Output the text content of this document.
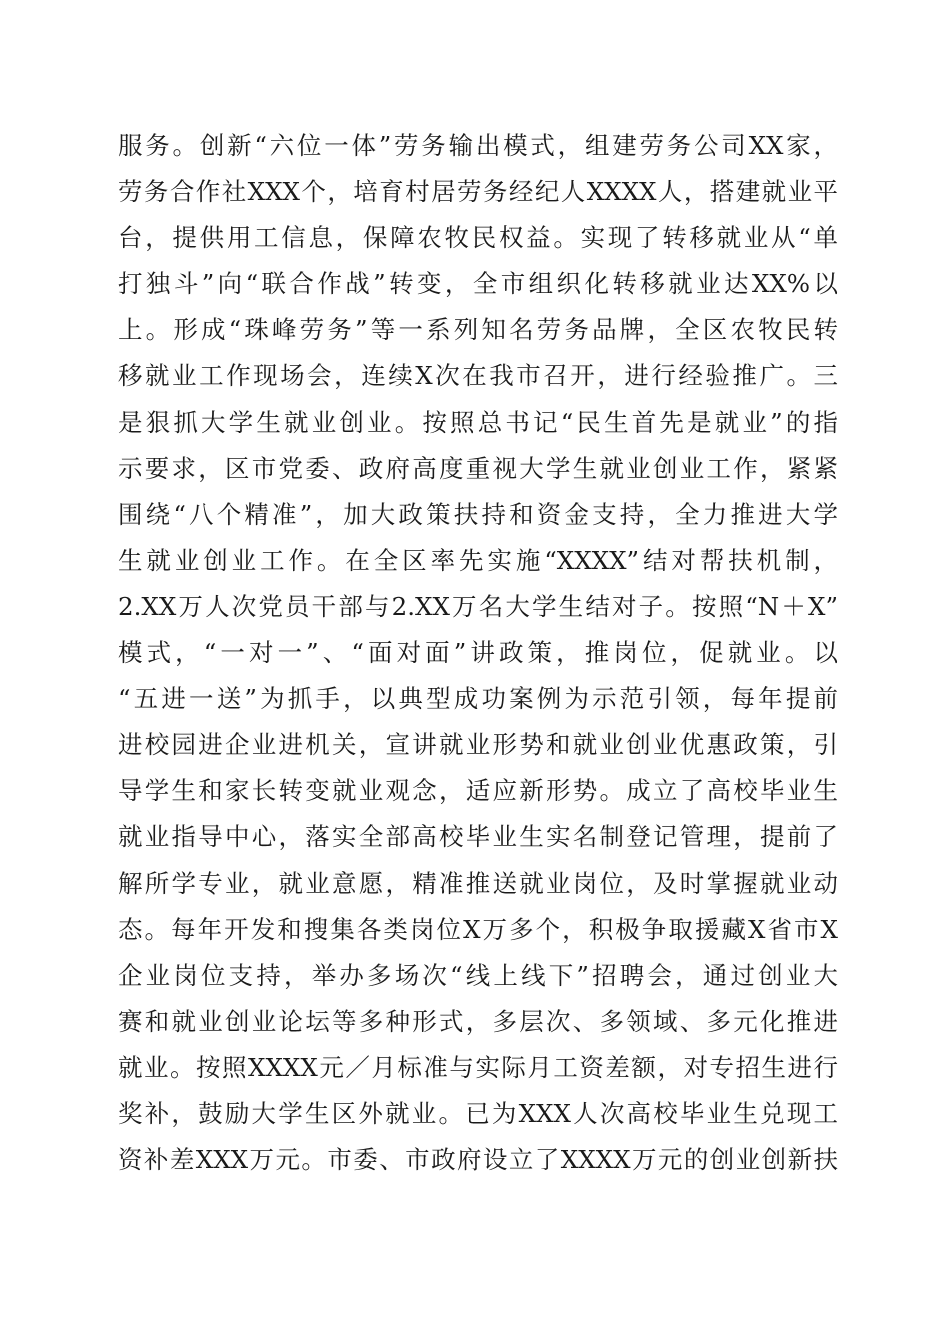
服务。创新“六位一体”劳务输出模式，组建劳务公司XX家，
劳务合作社XXX个，培育村居劳务经纪人XXXX人，搭建就业平
台，提供用工信息，保障农牧民权益。实现了转移就业从“单
打独斗”向“联合作战”转变，全市组织化转移就业达XX%以
上。形成“珠峰劳务”等一系列知名劳务品牌，全区农牧民转
移就业工作现场会，连续X次在我市召开，进行经验推广。三
是狠抓大学生就业创业。按照总书记“民生首先是就业”的指
示要求，区市党委、政府高度重视大学生就业创业工作，紧紧
围绕“八个精准”，加大政策扶持和资金支持，全力推进大学
生就业创业工作。在全区率先实施“XXXX”结对帮扶机制，
2.XX万人次党员干部与2.XX万名大学生结对子。按照“N＋X”
模式，“一对一”、“面对面”讲政策，推岗位，促就业。以
“五进一送”为抓手，以典型成功案例为示范引领，每年提前
进校园进企业进机关，宣讲就业形势和就业创业优惠政策，引
导学生和家长转变就业观念，适应新形势。成立了高校毕业生
就业指导中心，落实全部高校毕业生实名制登记管理，提前了
解所学专业，就业意愿，精准推送就业岗位，及时掌握就业动
态。每年开发和搜集各类岗位X万多个，积极争取援藏X省市X
企业岗位支持，举办多场次“线上线下”招聘会，通过创业大
赛和就业创业论坛等多种形式，多层次、多领域、多元化推进
就业。按照XXXX元／月标准与实际月工资差额，对专招生进行
奖补，鼓励大学生区外就业。已为XXX人次高校毕业生兑现工
资补差XXX万元。市委、市政府设立了XXXX万元的创业创新扶
